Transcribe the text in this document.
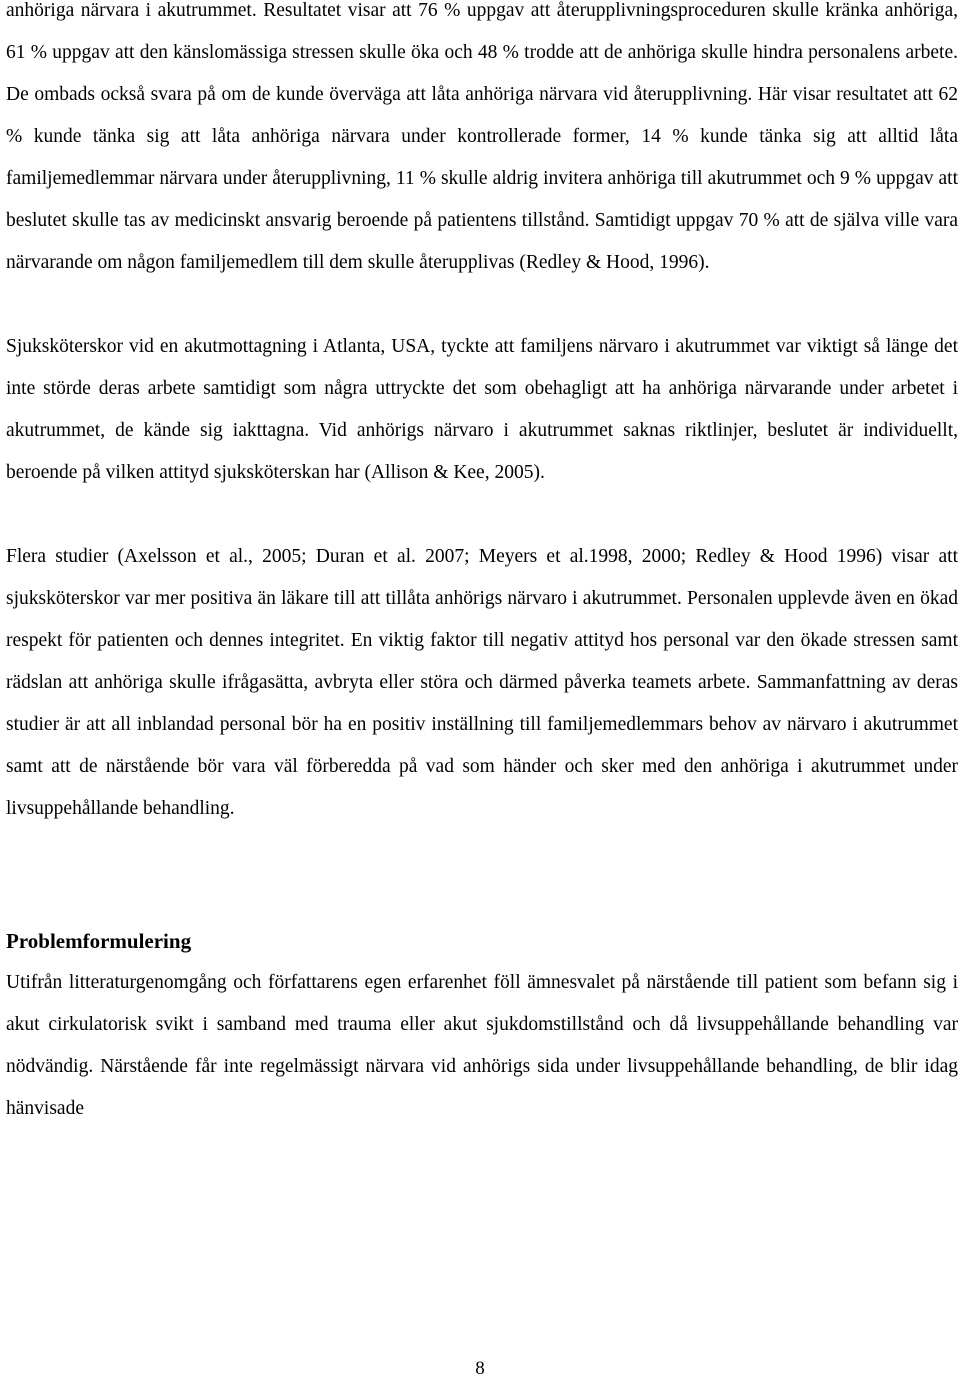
anhöriga närvara i akutrummet. Resultatet visar att 76 % uppgav att återupplivningsproceduren skulle kränka anhöriga, 61 % uppgav att den känslomässiga stressen skulle öka och 48 % trodde att de anhöriga skulle hindra personalens arbete. De ombads också svara på om de kunde överväga att låta anhöriga närvara vid återupplivning. Här visar resultatet att 62 % kunde tänka sig att låta anhöriga närvara under kontrollerade former, 14 % kunde tänka sig att alltid låta familjemedlemmar närvara under återupplivning, 11 % skulle aldrig invitera anhöriga till akutrummet och 9 % uppgav att beslutet skulle tas av medicinskt ansvarig beroende på patientens tillstånd. Samtidigt uppgav 70 % att de själva ville vara närvarande om någon familjemedlem till dem skulle återupplivas (Redley & Hood, 1996).

Sjuksköterskor vid en akutmottagning i Atlanta, USA, tyckte att familjens närvaro i akutrummet var viktigt så länge det inte störde deras arbete samtidigt som några uttryckte det som obehagligt att ha anhöriga närvarande under arbetet i akutrummet, de kände sig iakttagna. Vid anhörigs närvaro i akutrummet saknas riktlinjer, beslutet är individuellt, beroende på vilken attityd sjuksköterskan har (Allison & Kee, 2005).

Flera studier (Axelsson et al., 2005; Duran et al. 2007; Meyers et al.1998, 2000; Redley & Hood 1996) visar att sjuksköterskor var mer positiva än läkare till att tillåta anhörigs närvaro i akutrummet. Personalen upplevde även en ökad respekt för patienten och dennes integritet. En viktig faktor till negativ attityd hos personal var den ökade stressen samt rädslan att anhöriga skulle ifrågasätta, avbryta eller störa och därmed påverka teamets arbete. Sammanfattning av deras studier är att all inblandad personal bör ha en positiv inställning till familjemedlemmars behov av närvaro i akutrummet samt att de närstående bör vara väl förberedda på vad som händer och sker med den anhöriga i akutrummet under livsuppehållande behandling.

Problemformulering

Utifrån litteraturgenomgång och författarens egen erfarenhet föll ämnesvalet på närstående till patient som befann sig i akut cirkulatorisk svikt i samband med trauma eller akut sjukdomstillstånd och då livsuppehållande behandling var nödvändig. Närstående får inte regelmässigt närvara vid anhörigs sida under livsuppehållande behandling, de blir idag hänvisade

8
